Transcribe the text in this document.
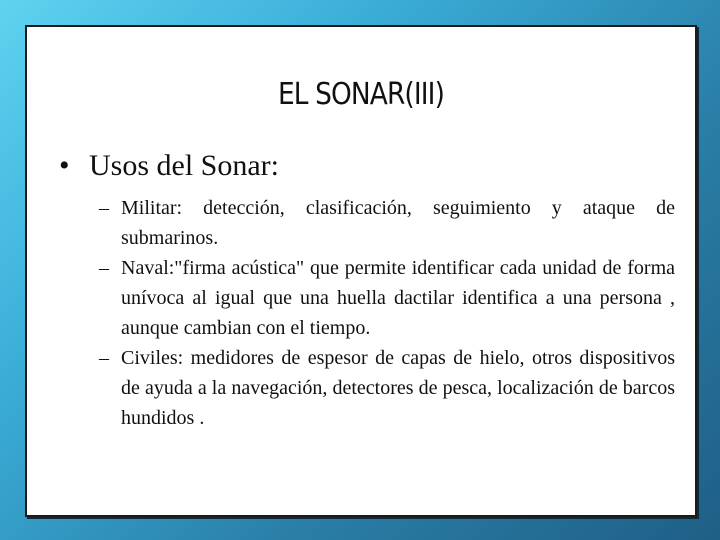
EL SONAR(III)

• Usos del Sonar:

– Militar: detección, clasificación, seguimiento y ataque de submarinos.
– Naval:"firma acústica" que permite identificar cada unidad de forma unívoca al igual que una huella dactilar identifica a una persona , aunque cambian con el tiempo.
– Civiles: medidores de espesor de capas de hielo, otros dispositivos de ayuda a la navegación, detectores de pesca, localización de barcos hundidos .
